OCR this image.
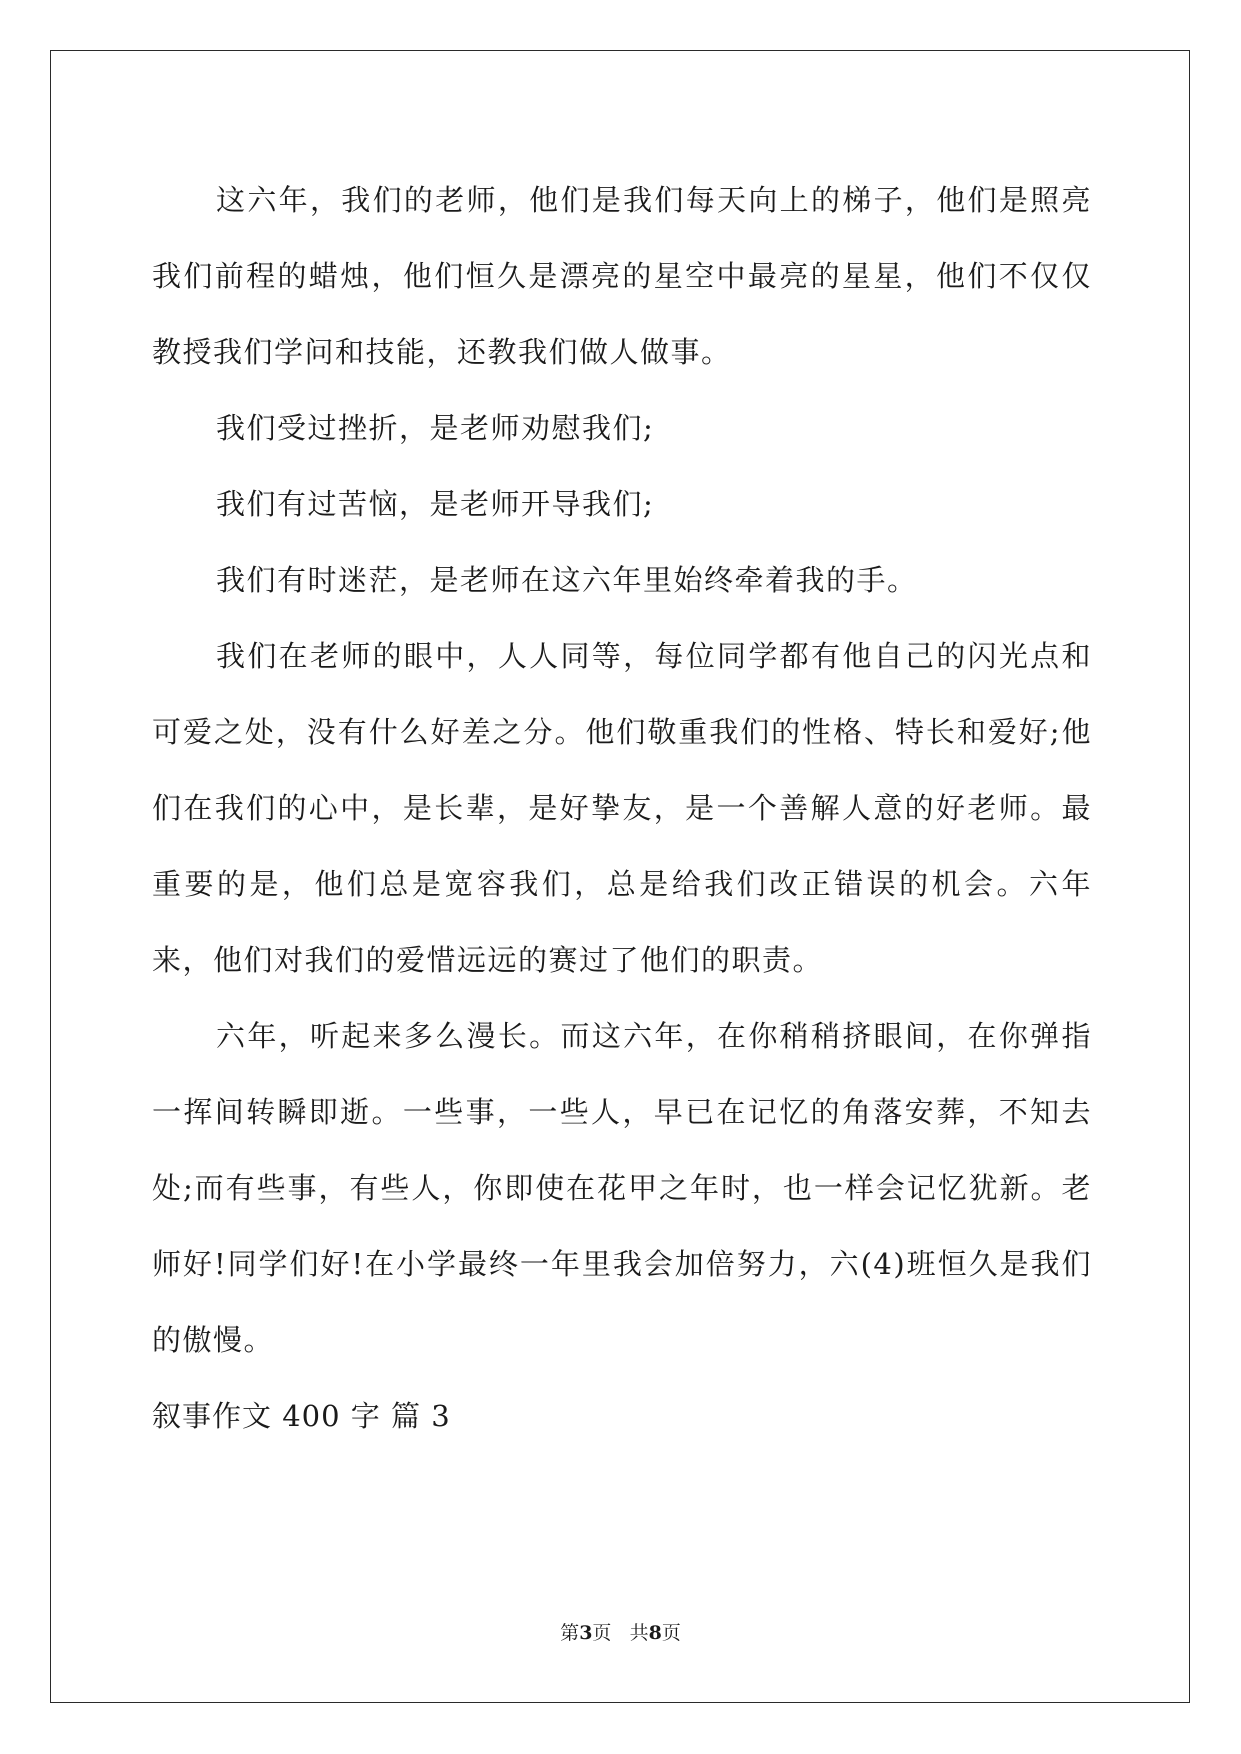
这六年，我们的老师，他们是我们每天向上的梯子，他们是照亮我们前程的蜡烛，他们恒久是漂亮的星空中最亮的星星，他们不仅仅教授我们学问和技能，还教我们做人做事。

我们受过挫折，是老师劝慰我们;

我们有过苦恼，是老师开导我们;

我们有时迷茫，是老师在这六年里始终牵着我的手。

我们在老师的眼中，人人同等，每位同学都有他自己的闪光点和可爱之处，没有什么好差之分。他们敬重我们的性格、特长和爱好;他们在我们的心中，是长辈，是好挚友，是一个善解人意的好老师。最重要的是，他们总是宽容我们，总是给我们改正错误的机会。六年来，他们对我们的爱惜远远的赛过了他们的职责。

六年，听起来多么漫长。而这六年，在你稍稍挤眼间，在你弹指一挥间转瞬即逝。一些事，一些人，早已在记忆的角落安葬，不知去处;而有些事，有些人，你即使在花甲之年时，也一样会记忆犹新。老师好!同学们好!在小学最终一年里我会加倍努力，六(4)班恒久是我们的傲慢。

叙事作文 400 字 篇 3

第3页 共8页
